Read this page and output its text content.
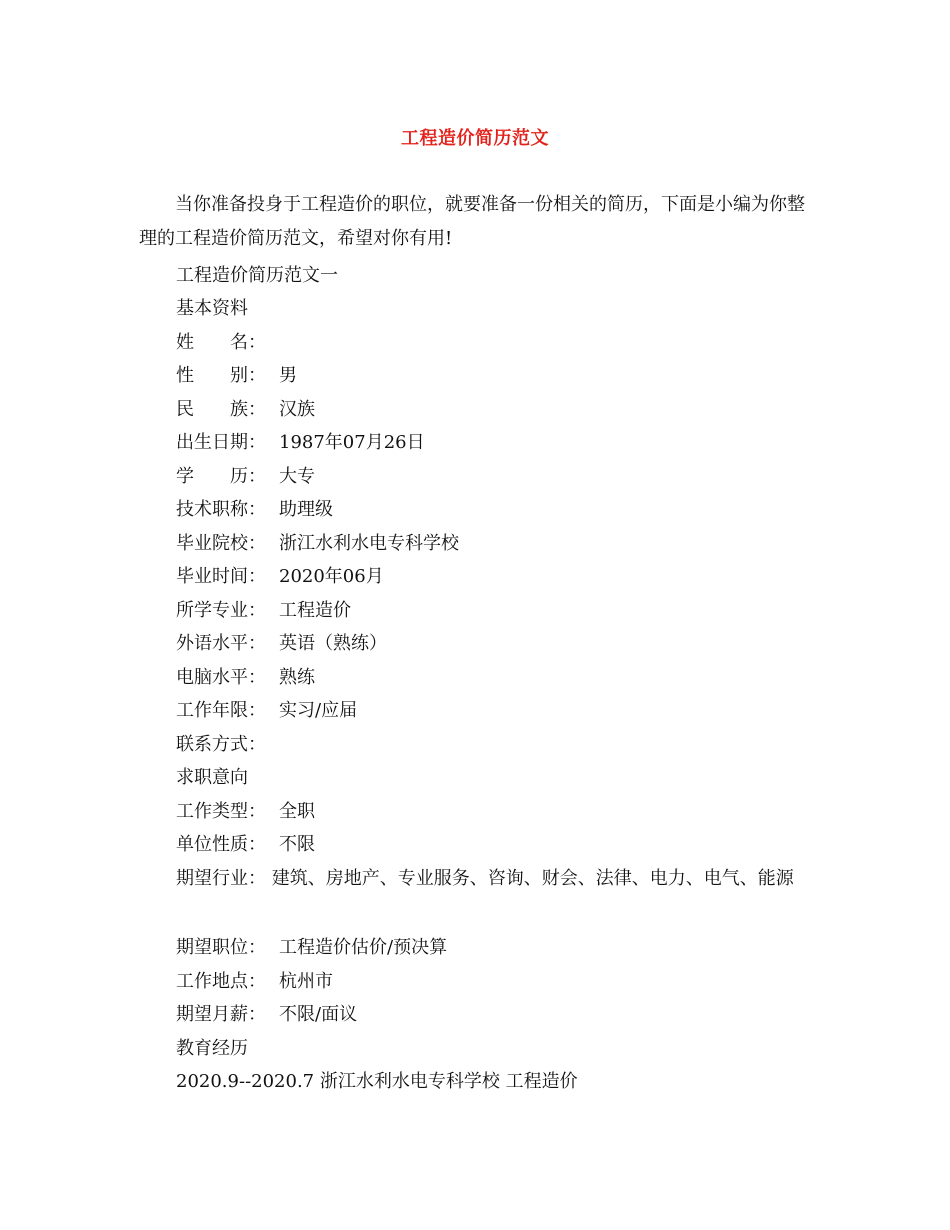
工程造价简历范文
当你准备投身于工程造价的职位，就要准备一份相关的简历，下面是小编为你整理的工程造价简历范文，希望对你有用!
工程造价简历范文一
基本资料
姓　　名：
性　　别： 男
民　　族： 汉族
出生日期： 1987年07月26日
学　　历： 大专
技术职称： 助理级
毕业院校： 浙江水利水电专科学校
毕业时间： 2020年06月
所学专业： 工程造价
外语水平： 英语（熟练）
电脑水平： 熟练
工作年限： 实习/应届
联系方式：
求职意向
工作类型： 全职
单位性质： 不限
期望行业： 建筑、房地产、专业服务、咨询、财会、法律、电力、电气、能源
期望职位： 工程造价估价/预决算
工作地点： 杭州市
期望月薪： 不限/面议
教育经历
2020.9--2020.7 浙江水利水电专科学校 工程造价
